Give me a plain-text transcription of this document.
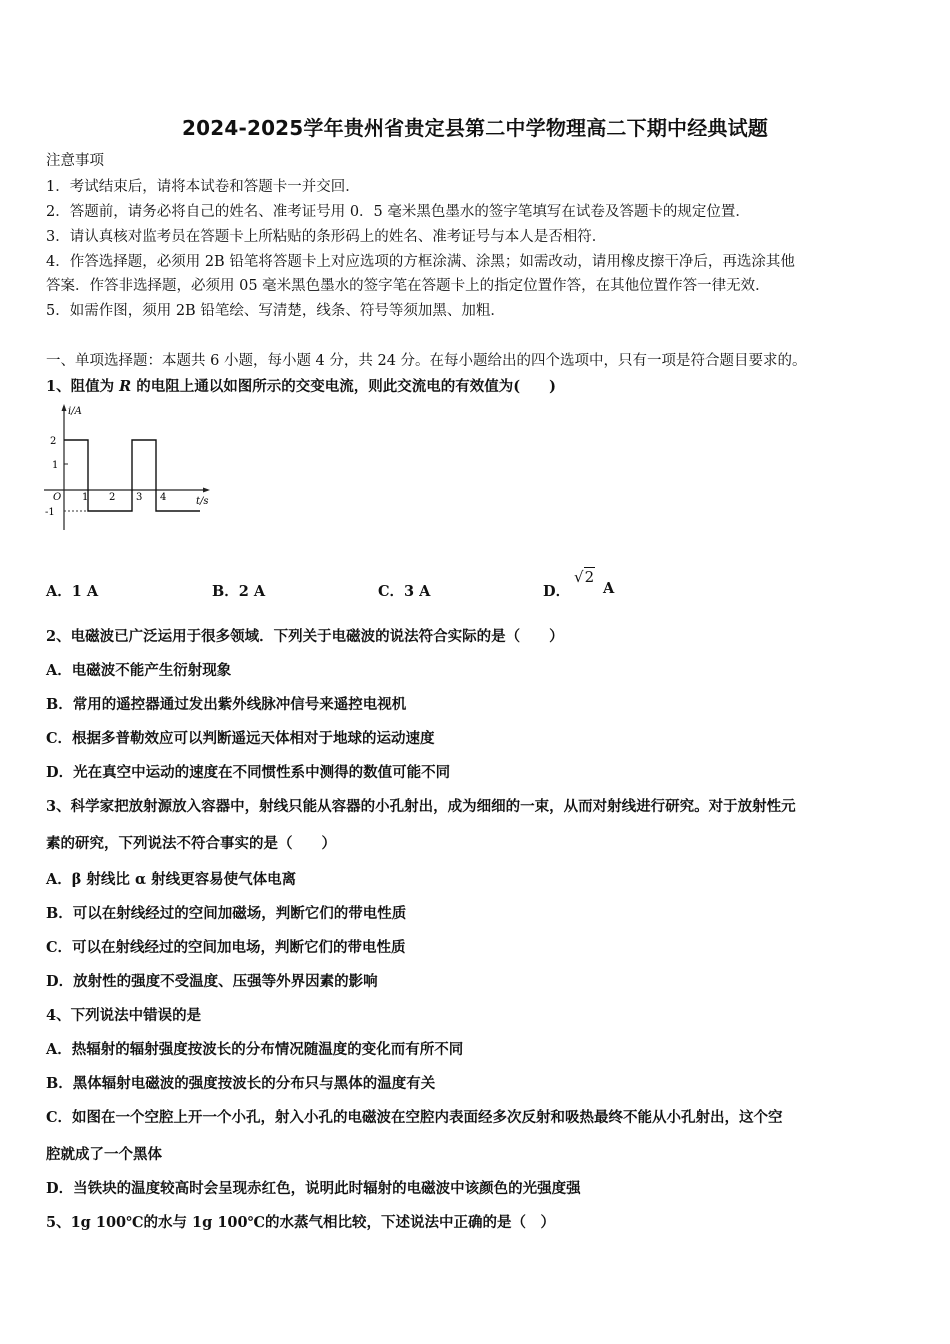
2024-2025学年贵州省贵定县第二中学物理高二下期中经典试题
注意事项
1．考试结束后，请将本试卷和答题卡一并交回．
2．答题前，请务必将自己的姓名、准考证号用 0．5 毫米黑色墨水的签字笔填写在试卷及答题卡的规定位置．
3．请认真核对监考员在答题卡上所粘贴的条形码上的姓名、准考证号与本人是否相符．
4．作答选择题，必须用 2B 铅笔将答题卡上对应选项的方框涂满、涂黑；如需改动，请用橡皮擦干净后，再选涂其他
答案．作答非选择题，必须用 05 毫米黑色墨水的签字笔在答题卡上的指定位置作答，在其他位置作答一律无效．
5．如需作图，须用 2B 铅笔绘、写清楚，线条、符号等须加黑、加粗．
一、单项选择题：本题共 6 小题，每小题 4 分，共 24 分。在每小题给出的四个选项中，只有一项是符合题目要求的。
1、阻值为 R 的电阻上通以如图所示的交变电流，则此交流电的有效值为(　　)
i/A
t/s
O
2
1
-1
1 2 3 4
A．1 A	B．2 A	C．3 A	D．
√2
A
2、电磁波已广泛运用于很多领域．下列关于电磁波的说法符合实际的是（　　）
A．电磁波不能产生衍射现象
B．常用的遥控器通过发出紫外线脉冲信号来遥控电视机
C．根据多普勒效应可以判断遥远天体相对于地球的运动速度
D．光在真空中运动的速度在不同惯性系中测得的数值可能不同
3、科学家把放射源放入容器中，射线只能从容器的小孔射出，成为细细的一束，从而对射线进行研究。对于放射性元
素的研究，下列说法不符合事实的是（　　）
A．β 射线比 α 射线更容易使气体电离
B．可以在射线经过的空间加磁场，判断它们的带电性质
C．可以在射线经过的空间加电场，判断它们的带电性质
D．放射性的强度不受温度、压强等外界因素的影响
4、下列说法中错误的是
A．热辐射的辐射强度按波长的分布情况随温度的变化而有所不同
B．黑体辐射电磁波的强度按波长的分布只与黑体的温度有关
C．如图在一个空腔上开一个小孔，射入小孔的电磁波在空腔内表面经多次反射和吸热最终不能从小孔射出，这个空
腔就成了一个黑体
D．当铁块的温度较高时会呈现赤红色，说明此时辐射的电磁波中该颜色的光强度强
5、1g 100℃的水与 1g 100℃的水蒸气相比较，下述说法中正确的是（　）
